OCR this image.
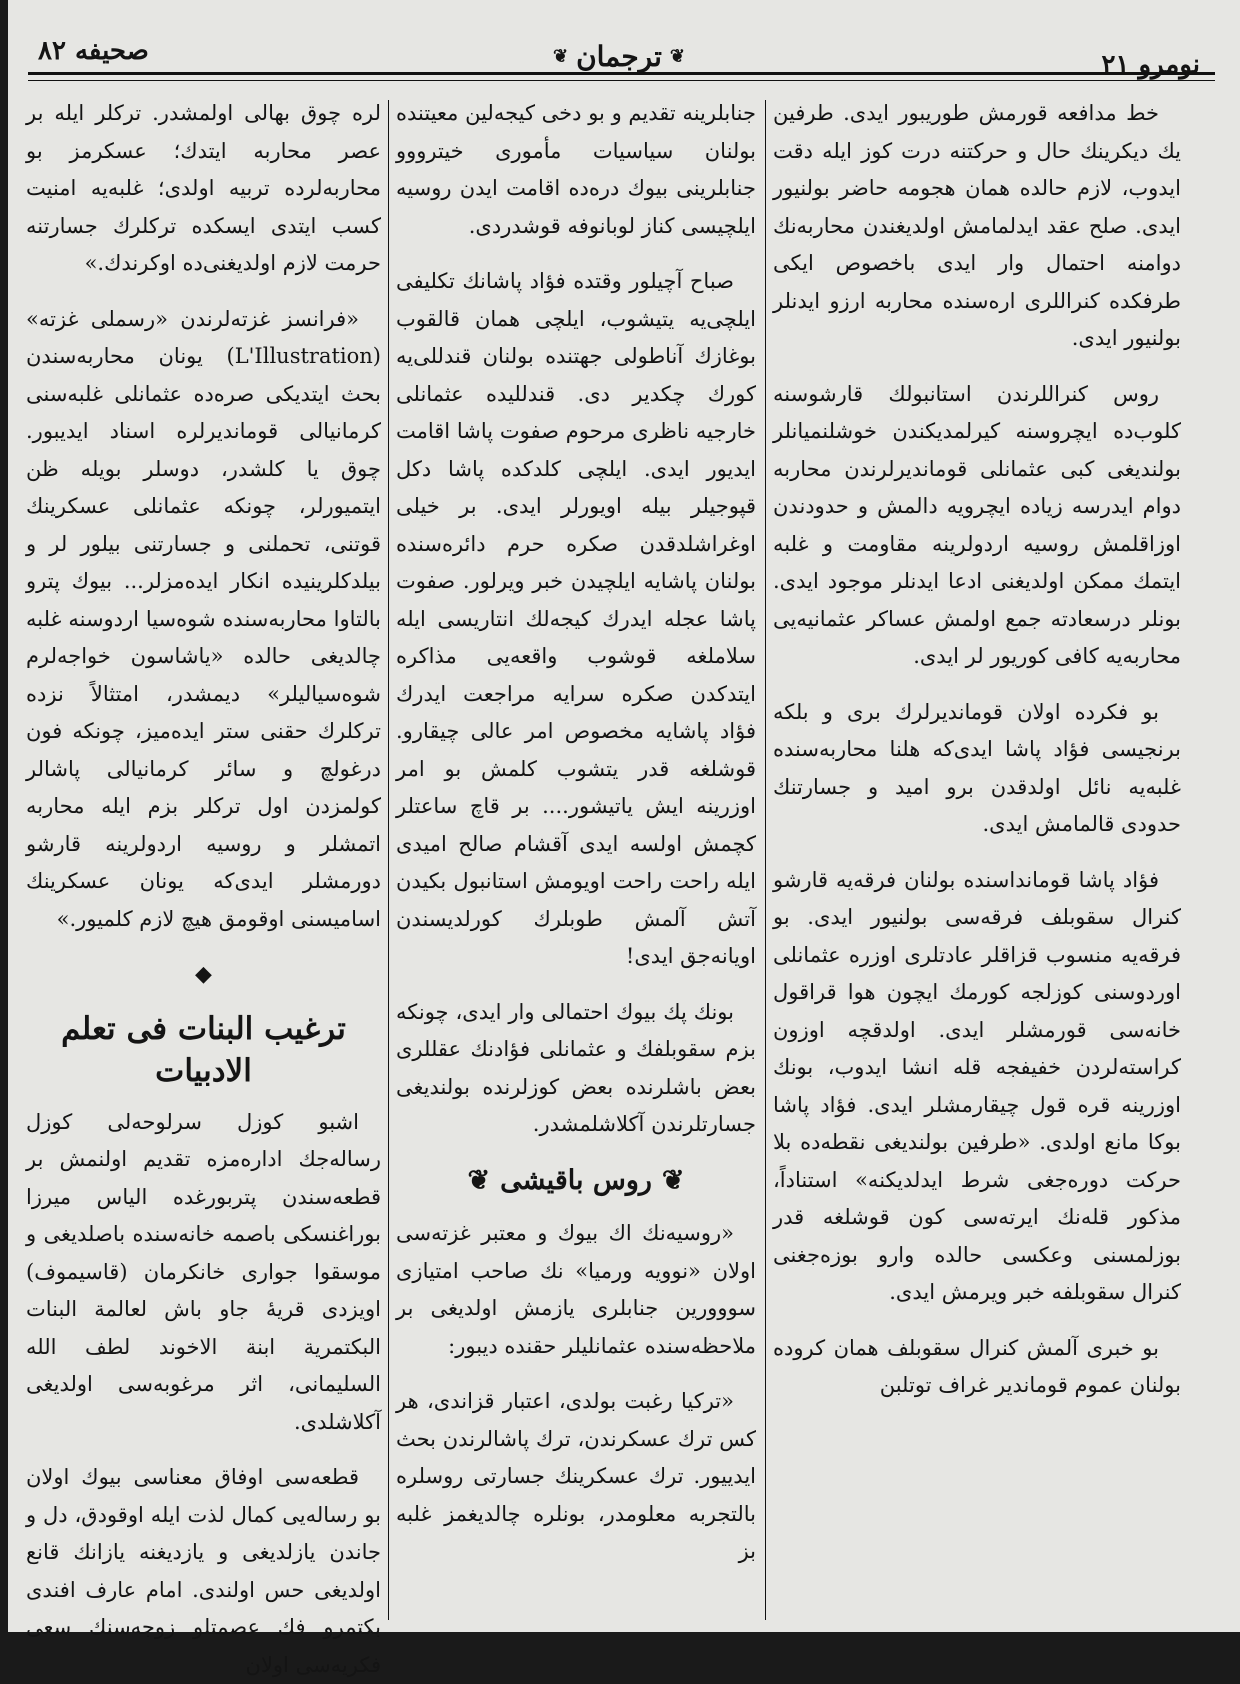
صحیفه ۸۲	❦
ترجمان
❦	نومرو ۲۱

خط مدافعه قورمش طوریبور ایدی. طرفین یك دیكرینك حال و حركتنه درت كوز ایله دقت ایدوب، لازم حالده همان هجومه حاضر بولنیور ایدی. صلح عقد ایدلمامش اولدیغندن محاربه‌نك دوامنه احتمال وار ایدی باخصوص ایكی طرفكده كنراللری اره‌سنده محاربه ارزو ایدنلر بولنیور ایدی.

روس كنراللرندن استانبولك قارشوسنه كلوب‌ده ایچروسنه كیرلمدیكندن خوشلنمیانلر بولندیغی كبی عثمانلی قوماندیرلرندن محاربه دوام ایدرسه زیاده ایچرویه دالمش و حدودندن اوزاقلمش روسیه اردولرینه مقاومت و غلبه ایتمك ممكن اولدیغنی ادعا ایدنلر موجود ایدی. بونلر درسعادته جمع اولمش عساكر عثمانیه‌یی محاربه‌یه كافی كوریور لر ایدی.

بو فكرده اولان قوماندیرلرك بری و بلكه برنجیسی فؤاد پاشا ایدی‌كه هلنا محاربه‌سنده غلبه‌یه نائل اولدقدن برو امید و جسارتنك حدودی قالمامش ایدی.

فؤاد پاشا قومانداسنده بولنان فرقه‌یه قارشو كنرال سقوبلف فرقه‌سی بولنیور ایدی. بو فرقه‌یه منسوب قزاقلر عادتلری اوزره عثمانلی اوردوسنی كوزلجه كورمك ایچون هوا قراقول خانه‌سی قورمشلر ایدی. اولدقچه اوزون كراسته‌لردن خفیفجه قله انشا ایدوب، بونك اوزرینه قره قول چیقارمشلر ایدی. فؤاد پاشا بوكا مانع اولدی. «طرفین بولندیغی نقطه‌ده بلا حركت دوره‌جغی شرط ایدلدیكنه» استناداً، مذكور قله‌نك ایرته‌سی كون قوشلغه قدر بوزلمسنی وعكسی حالده وارو بوزه‌جغنی كنرال سقوبلفه خبر ویرمش ایدی.

بو خبری آلمش كنرال سقوبلف همان كروده بولنان عموم قوماندیر غراف توتلبن

جنابلرینه تقدیم و بو دخی كیجه‌لین معیتنده بولنان سیاسیات مأموری خیترووو جنابلرینی بیوك دره‌ده اقامت ایدن روسیه ایلچیسی كناز لوبانوفه قوشدردی.

صباح آچیلور وقتده فؤاد پاشانك تكلیفی ایلچی‌یه یتیشوب، ایلچی همان قالقوب بوغازك آناطولی جهتنده بولنان قندللی‌یه كورك چكدیر دی. قندللیده عثمانلی خارجیه ناظری مرحوم صفوت پاشا اقامت ایدیور ایدی. ایلچی كلدكده پاشا دكل قپوجیلر بیله اویورلر ایدی. بر خیلی اوغراشلدقدن صكره حرم دائره‌سنده بولنان پاشایه ایلچیدن خبر ویرلور. صفوت پاشا عجله ایدرك كیجه‌لك انتاریسی ایله سلاملغه قوشوب واقعه‌یی مذاكره ایتدكدن صكره سرایه مراجعت ایدرك فؤاد پاشایه مخصوص امر عالی چیقارو. قوشلغه قدر یتشوب كلمش بو امر اوزرینه ایش یاتیشور.... بر قاچ ساعتلر كچمش اولسه ایدی آقشام صالح امیدی ایله راحت راحت اویومش استانبول بكیدن آتش آلمش طوبلرك كورلدیسندن اویانه‌جق ایدی!

بونك پك بیوك احتمالی وار ایدی، چونكه بزم سقوبلفك و عثمانلی فؤادنك عقللری بعض باشلرنده بعض كوزلرنده بولندیغی جسارتلرندن آكلاشلمشدر.

❦
روس باقیشی
❦

«روسیه‌نك اك بیوك و معتبر غزته‌سی اولان «نوویه ورمیا» نك صاحب امتیازی سووورین جنابلری یازمش اولدیغی بر ملاحظه‌سنده عثمانلیلر حقنده دیبور:

«تركیا رغبت بولدی، اعتبار قزاندی، هر كس ترك عسكرندن، ترك پاشالرندن بحث ایدییور. ترك عسكرینك جسارتی روسلره بالتجربه معلومدر، بونلره چالدیغمز غلبه بز

لره چوق بهالی اولمشدر. تركلر ایله بر عصر محاربه ایتدك؛ عسكرمز بو محاربه‌لرده تربیه اولدی؛ غلبه‌یه امنیت كسب ایتدی ایسكده تركلرك جسارتنه حرمت لازم اولدیغنی‌ده اوكرندك.»

«فرانسز غزته‌لرندن «رسملی غزته» (L'Illustration) یونان محاربه‌سندن بحث ایتدیكی صره‌ده عثمانلی غلبه‌سنی كرمانیالی قوماندیرلره اسناد ایدیبور. چوق یا كلشدر، دوسلر بویله ظن ایتمیورلر، چونكه عثمانلی عسكرینك قوتنی، تحملنی و جسارتنی بیلور لر و بیلدكلرینیده انكار ایده‌مزلر... بیوك پترو بالتاوا محاربه‌سنده شوه‌سیا اردوسنه غلبه چالدیغی حالده «یاشاسون خواجه‌لرم شوه‌سیالیلر» دیمشدر، امتثالاً نزده تركلرك حقنی ستر ایده‌میز، چونكه فون درغولچ و سائر كرمانیالی پاشالر كولمزدن اول تركلر بزم ایله محاربه اتمشلر و روسیه اردولرینه قارشو دورمشلر ایدی‌كه یونان عسكرینك اسامیسنی اوقومق هیچ لازم كلمیور.»

◆
ترغیب البنات فی تعلم الادبیات

اشبو كوزل سرلوحه‌لی كوزل رساله‌جك اداره‌مزه تقدیم اولنمش بر قطعه‌سندن پتربورغده الیاس میرزا بوراغنسكی باصمه خانه‌سنده باصلدیغی و موسقوا جواری خانكرمان (قاسیموف) اویزدی قریهٔ جاو باش لعالمة البنات البكتمرية ابنة الاخوند لطف الله السليمانى، اثر مرغوبه‌سی اولدیغی آكلاشلدی.

قطعه‌سی اوفاق معناسی بیوك اولان بو رساله‌یی كمال لذت ایله اوقودق، دل و جاندن یازلدیغی و یازدیغنه یازانك قانع اولدیغی حس اولندی. امام عارف افندی بكتمرو فك عصمتلو زوجه‌سنك سعی فكریه‌سی اولان
